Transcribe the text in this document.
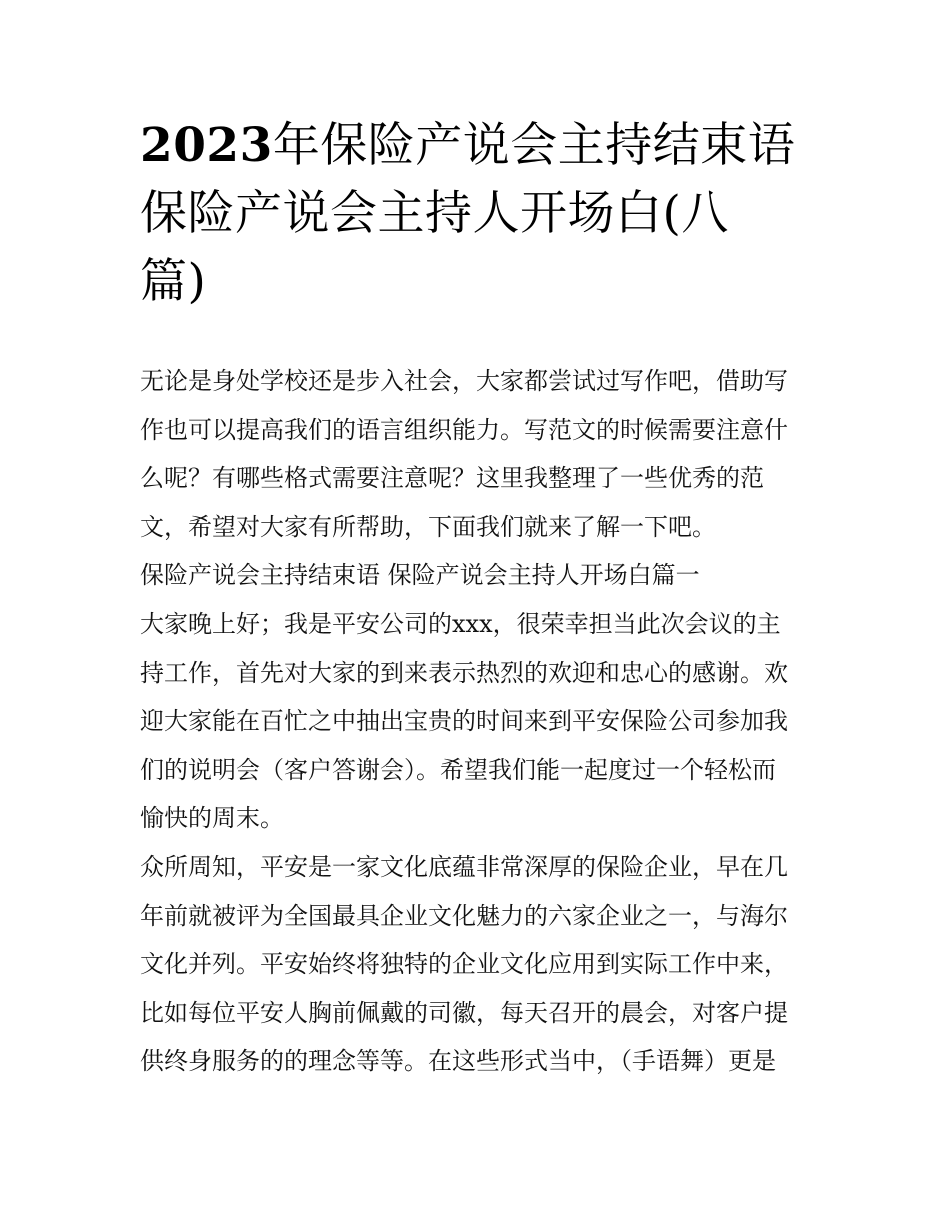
2023年保险产说会主持结束语
保险产说会主持人开场白(八
篇)
无论是身处学校还是步入社会，大家都尝试过写作吧，借助写
作也可以提高我们的语言组织能力。写范文的时候需要注意什
么呢？有哪些格式需要注意呢？这里我整理了一些优秀的范
文，希望对大家有所帮助，下面我们就来了解一下吧。
保险产说会主持结束语 保险产说会主持人开场白篇一
大家晚上好；我是平安公司的xxx，很荣幸担当此次会议的主
持工作，首先对大家的到来表示热烈的欢迎和忠心的感谢。欢
迎大家能在百忙之中抽出宝贵的时间来到平安保险公司参加我
们的说明会（客户答谢会）。希望我们能一起度过一个轻松而
愉快的周末。
众所周知，平安是一家文化底蕴非常深厚的保险企业，早在几
年前就被评为全国最具企业文化魅力的六家企业之一，与海尔
文化并列。平安始终将独特的企业文化应用到实际工作中来，
比如每位平安人胸前佩戴的司徽，每天召开的晨会，对客户提
供终身服务的的理念等等。在这些形式当中，（手语舞）更是
